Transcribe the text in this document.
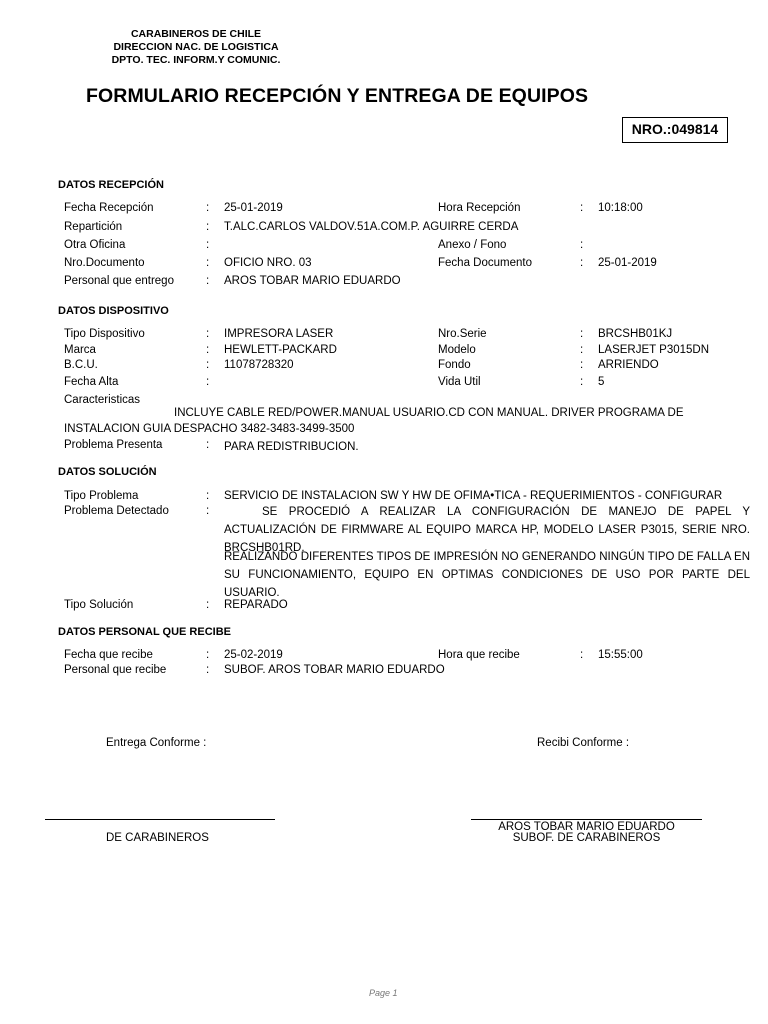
CARABINEROS DE CHILE
DIRECCION NAC. DE LOGISTICA
DPTO. TEC. INFORM.Y COMUNIC.
FORMULARIO RECEPCIÓN Y ENTREGA DE EQUIPOS
NRO.:049814
DATOS RECEPCIÓN
Fecha Recepción	: 25-01-2019	Hora Recepción	: 10:18:00
Repartición	: T.ALC.CARLOS VALDOV.51A.COM.P. AGUIRRE CERDA
Otra Oficina	:	Anexo / Fono	:
Nro.Documento	: OFICIO NRO. 03	Fecha Documento	: 25-01-2019
Personal que entrego	: AROS TOBAR MARIO EDUARDO
DATOS DISPOSITIVO
Tipo Dispositivo	: IMPRESORA LASER	Nro.Serie	: BRCSHB01KJ
Marca	: HEWLETT-PACKARD	Modelo	: LASERJET P3015DN
B.C.U.	: 11078728320	Fondo	: ARRIENDO
Fecha Alta	:	Vida Util	: 5
Caracteristicas
INCLUYE CABLE RED/POWER.MANUAL USUARIO.CD CON MANUAL. DRIVER PROGRAMA DE
INSTALACION GUIA DESPACHO 3482-3483-3499-3500
Problema Presenta	: PARA REDISTRIBUCION.
DATOS SOLUCIÓN
Tipo Problema	: SERVICIO DE INSTALACIÓN SW Y HW DE OFIMÁ•TICA - REQUERIMIENTOS - CONFIGURAR
Problema Detectado	:	SE PROCEDIÓ A REALIZAR LA CONFIGURACIÓN DE MANEJO DE PAPEL Y ACTUALIZACIÓN DE FIRMWARE AL EQUIPO MARCA HP, MODELO LASER P3015, SERIE NRO. BRCSHB01RD.
REALIZANDO DIFERENTES TIPOS DE IMPRESIÓN NO GENERANDO NINGÚN TIPO DE FALLA EN SU FUNCIONAMIENTO, EQUIPO EN OPTIMAS CONDICIONES DE USO POR PARTE DEL USUARIO.
Tipo Solución	: REPARADO
DATOS PERSONAL QUE RECIBE
Fecha que recibe	: 25-02-2019	Hora que recibe	: 15:55:00
Personal que recibe	: SUBOF. AROS TOBAR MARIO EDUARDO
Entrega Conforme :	Recibi Conforme :
DE CARABINEROS
AROS TOBAR MARIO EDUARDO
SUBOF. DE CARABINEROS
Page 1
